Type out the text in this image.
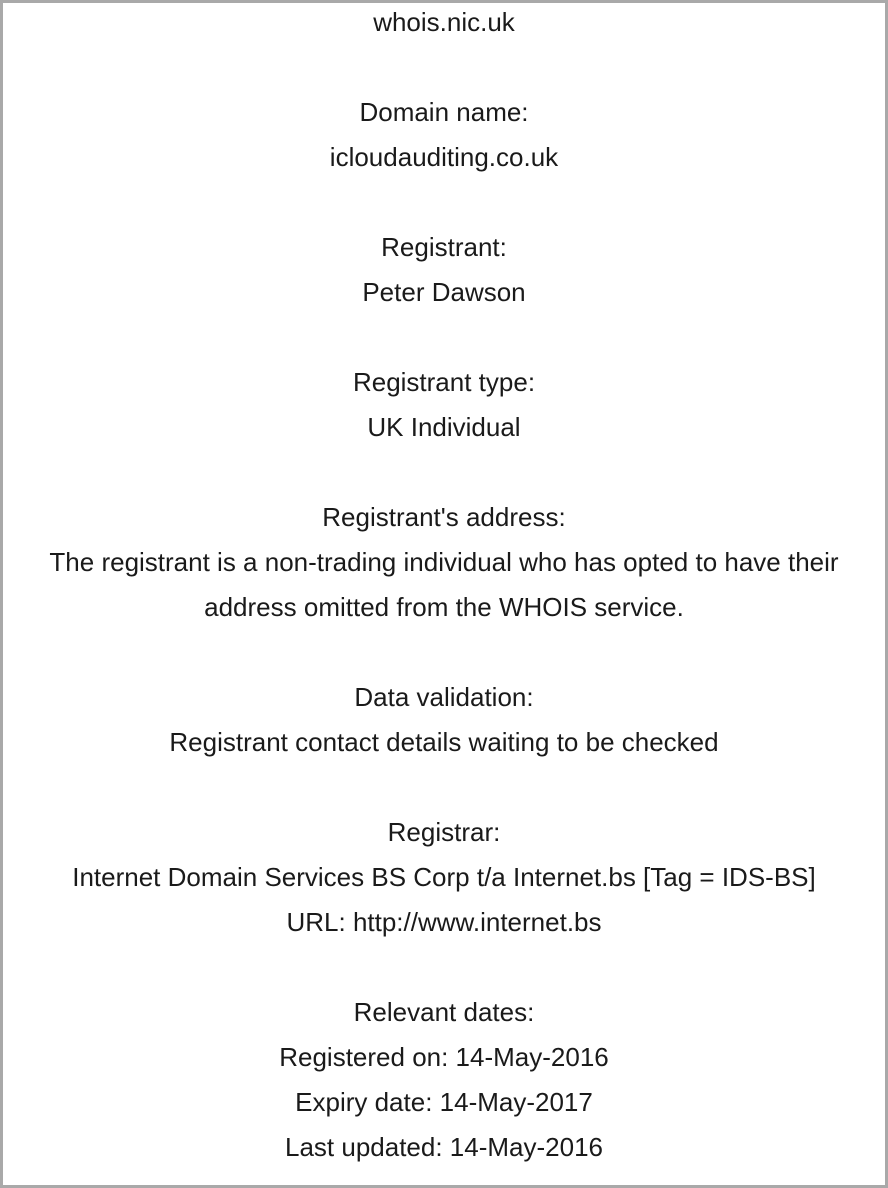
whois.nic.uk
Domain name:
icloudauditing.co.uk
Registrant:
Peter Dawson
Registrant type:
UK Individual
Registrant's address:
The registrant is a non-trading individual who has opted to have their
address omitted from the WHOIS service.
Data validation:
Registrant contact details waiting to be checked
Registrar:
Internet Domain Services BS Corp t/a Internet.bs [Tag = IDS-BS]
URL: http://www.internet.bs
Relevant dates:
Registered on: 14-May-2016
Expiry date: 14-May-2017
Last updated: 14-May-2016
